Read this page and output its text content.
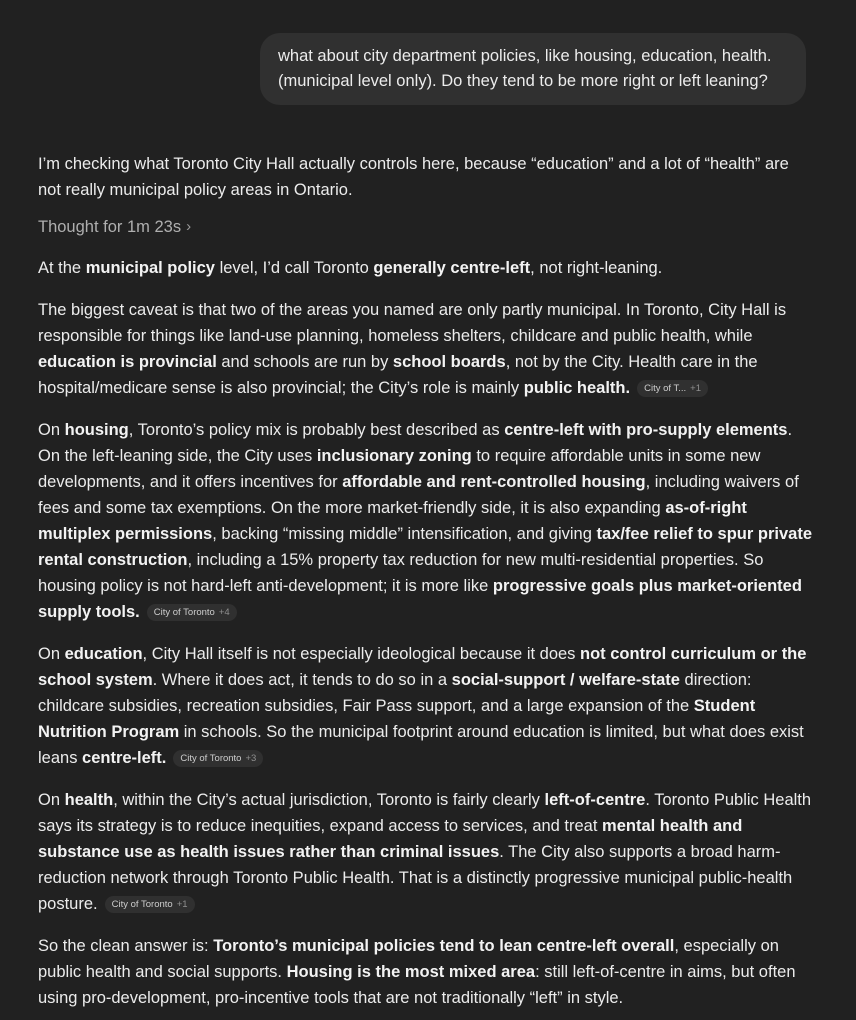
what about city department policies, like housing, education, health. (municipal level only). Do they tend to be more right or left leaning?

I’m checking what Toronto City Hall actually controls here, because “education” and a lot of “health” are not really municipal policy areas in Ontario.

Thought for 1m 23s ›

At the municipal policy level, I’d call Toronto generally centre-left, not right-leaning.

The biggest caveat is that two of the areas you named are only partly municipal. In Toronto, City Hall is responsible for things like land-use planning, homeless shelters, childcare and public health, while education is provincial and schools are run by school boards, not by the City. Health care in the hospital/medicare sense is also provincial; the City’s role is mainly public health. City of T... +1

On housing, Toronto’s policy mix is probably best described as centre-left with pro-supply elements. On the left-leaning side, the City uses inclusionary zoning to require affordable units in some new developments, and it offers incentives for affordable and rent-controlled housing, including waivers of fees and some tax exemptions. On the more market-friendly side, it is also expanding as-of-right multiplex permissions, backing “missing middle” intensification, and giving tax/fee relief to spur private rental construction, including a 15% property tax reduction for new multi-residential properties. So housing policy is not hard-left anti-development; it is more like progressive goals plus market-oriented supply tools. City of Toronto +4

On education, City Hall itself is not especially ideological because it does not control curriculum or the school system. Where it does act, it tends to do so in a social-support / welfare-state direction: childcare subsidies, recreation subsidies, Fair Pass support, and a large expansion of the Student Nutrition Program in schools. So the municipal footprint around education is limited, but what does exist leans centre-left. City of Toronto +3

On health, within the City’s actual jurisdiction, Toronto is fairly clearly left-of-centre. Toronto Public Health says its strategy is to reduce inequities, expand access to services, and treat mental health and substance use as health issues rather than criminal issues. The City also supports a broad harm-reduction network through Toronto Public Health. That is a distinctly progressive municipal public-health posture. City of Toronto +1

So the clean answer is: Toronto’s municipal policies tend to lean centre-left overall, especially on public health and social supports. Housing is the most mixed area: still left-of-centre in aims, but often using pro-development, pro-incentive tools that are not traditionally “left” in style.
